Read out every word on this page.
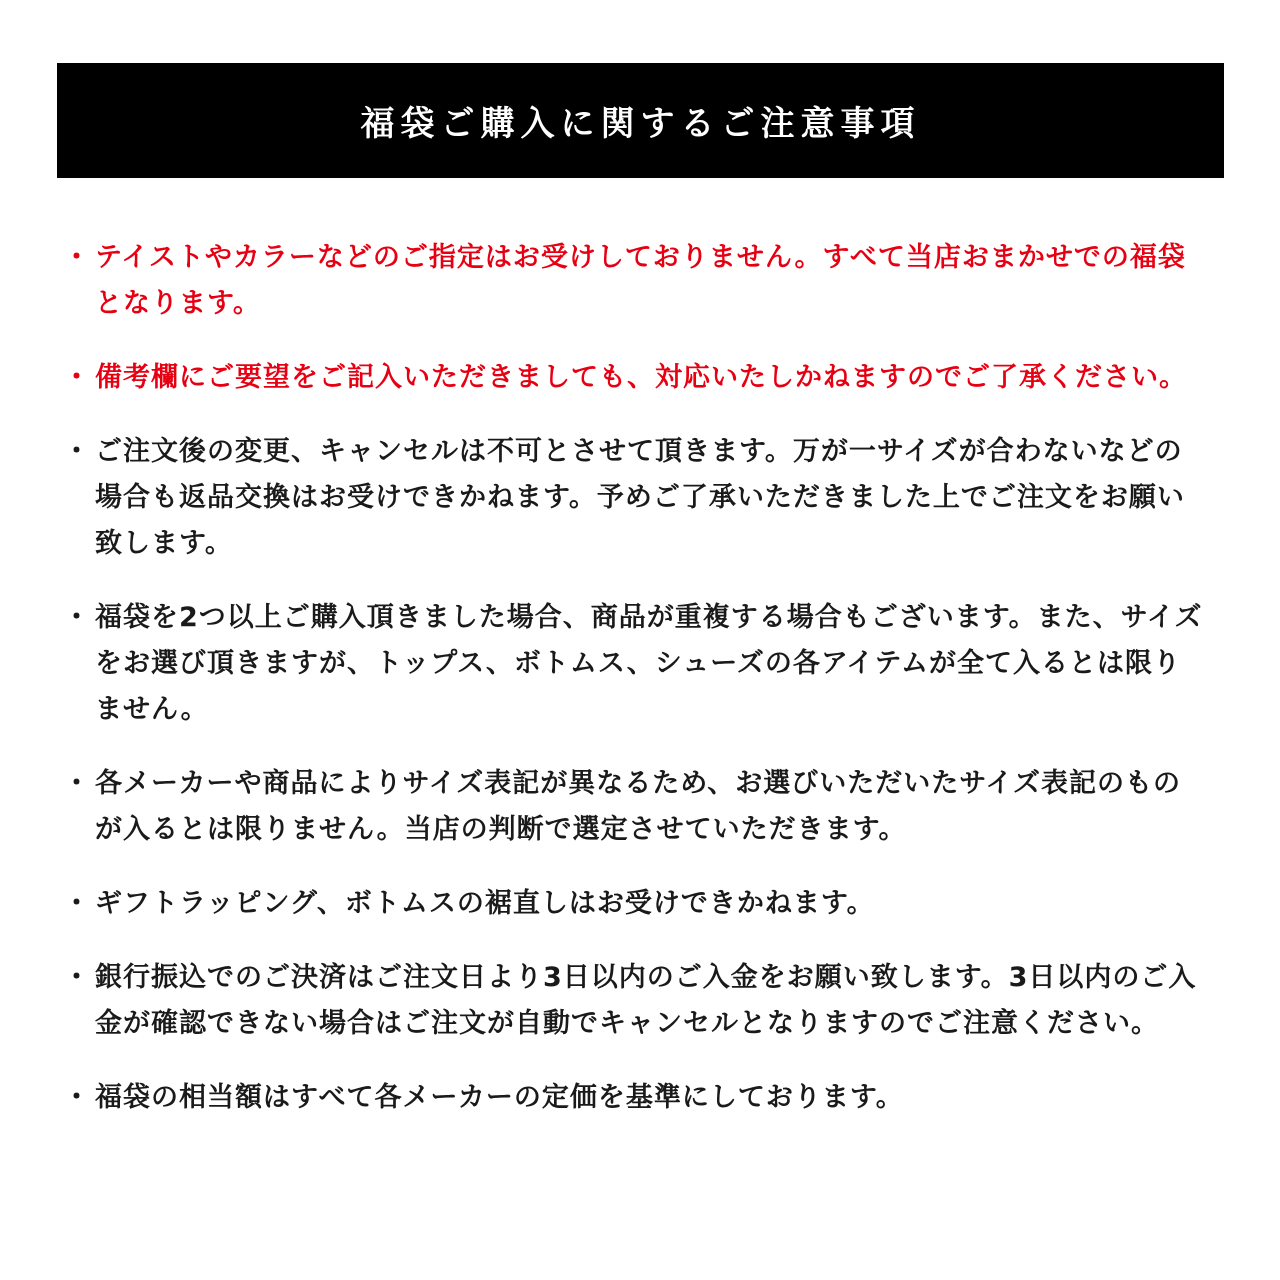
福袋ご購入に関するご注意事項
・ テイストやカラーなどのご指定はお受けしておりません。すべて当店おまかせでの福袋となります。
・ 備考欄にご要望をご記入いただきましても、対応いたしかねますのでご了承ください。
・ ご注文後の変更、キャンセルは不可とさせて頂きます。万が一サイズが合わないなどの場合も返品交換はお受けできかねます。予めご了承いただきました上でご注文をお願い致します。
・ 福袋を2つ以上ご購入頂きました場合、商品が重複する場合もございます。また、サイズをお選び頂きますが、トップス、ボトムス、シューズの各アイテムが全て入るとは限りません。
・ 各メーカーや商品によりサイズ表記が異なるため、お選びいただいたサイズ表記のものが入るとは限りません。当店の判断で選定させていただきます。
・ ギフトラッピング、ボトムスの裾直しはお受けできかねます。
・ 銀行振込でのご決済はご注文日より3日以内のご入金をお願い致します。3日以内のご入金が確認できない場合はご注文が自動でキャンセルとなりますのでご注意ください。
・ 福袋の相当額はすべて各メーカーの定価を基準にしております。
